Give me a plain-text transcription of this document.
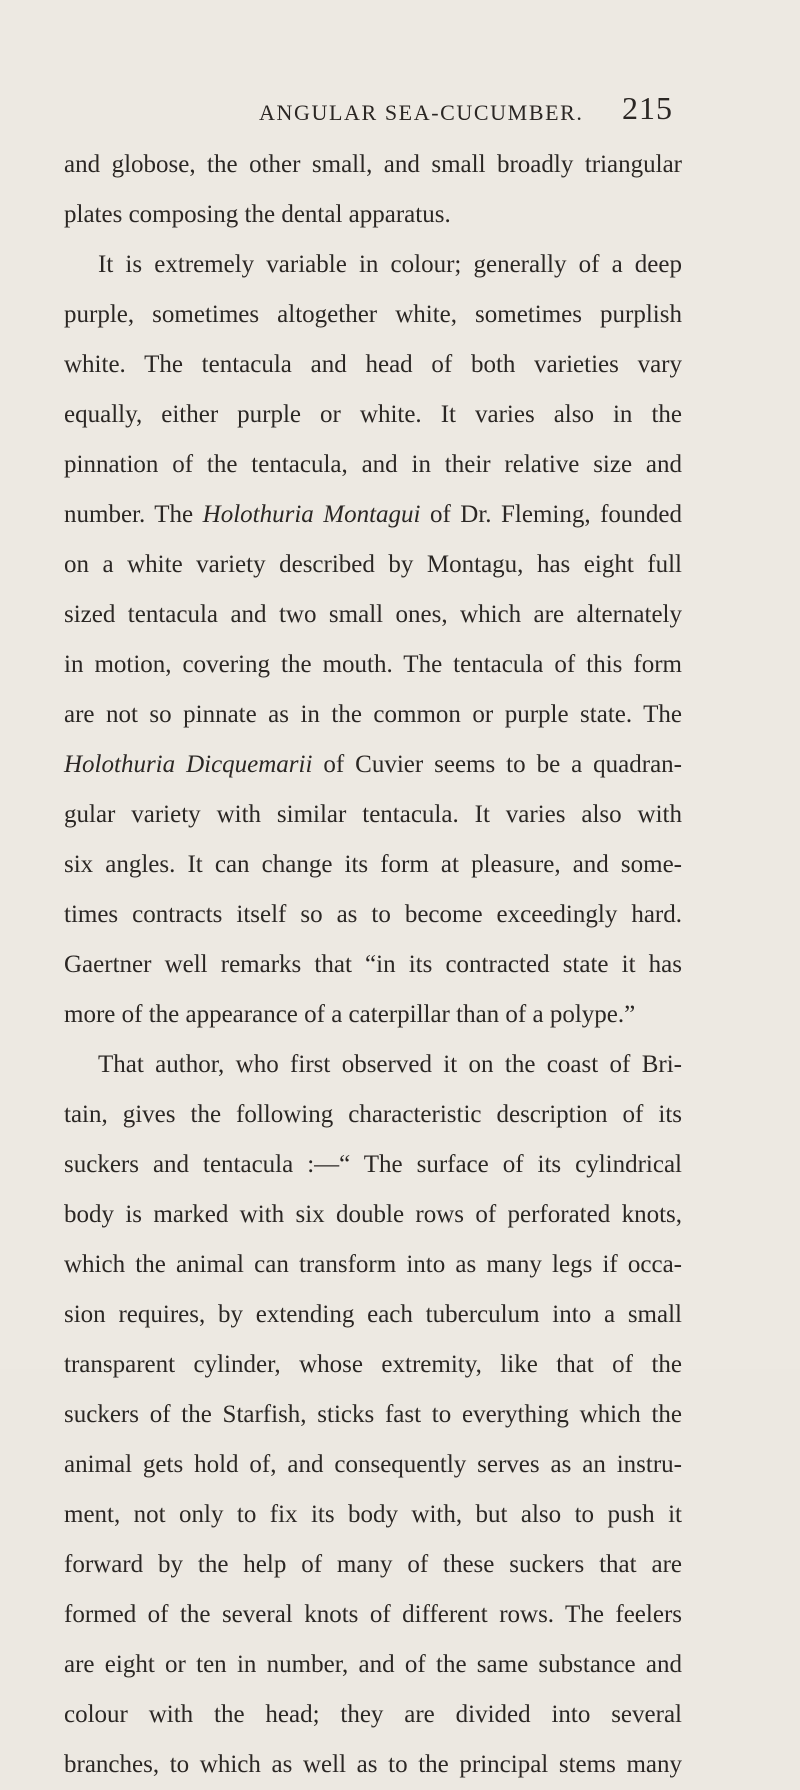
ANGULAR SEA-CUCUMBER. 215
and globose, the other small, and small broadly triangular
plates composing the dental apparatus.
It is extremely variable in colour; generally of a deep
purple, sometimes altogether white, sometimes purplish
white. The tentacula and head of both varieties vary
equally, either purple or white. It varies also in the
pinnation of the tentacula, and in their relative size and
number. The Holothuria Montagui of Dr. Fleming, founded
on a white variety described by Montagu, has eight full
sized tentacula and two small ones, which are alternately
in motion, covering the mouth. The tentacula of this form
are not so pinnate as in the common or purple state. The
Holothuria Dicquemarii of Cuvier seems to be a quadran-
gular variety with similar tentacula. It varies also with
six angles. It can change its form at pleasure, and some-
times contracts itself so as to become exceedingly hard.
Gaertner well remarks that “in its contracted state it has
more of the appearance of a caterpillar than of a polype.”
That author, who first observed it on the coast of Bri-
tain, gives the following characteristic description of its
suckers and tentacula :—“ The surface of its cylindrical
body is marked with six double rows of perforated knots,
which the animal can transform into as many legs if occa-
sion requires, by extending each tuberculum into a small
transparent cylinder, whose extremity, like that of the
suckers of the Starfish, sticks fast to everything which the
animal gets hold of, and consequently serves as an instru-
ment, not only to fix its body with, but also to push it
forward by the help of many of these suckers that are
formed of the several knots of different rows. The feelers
are eight or ten in number, and of the same substance and
colour with the head; they are divided into several
branches, to which as well as to the principal stems many
